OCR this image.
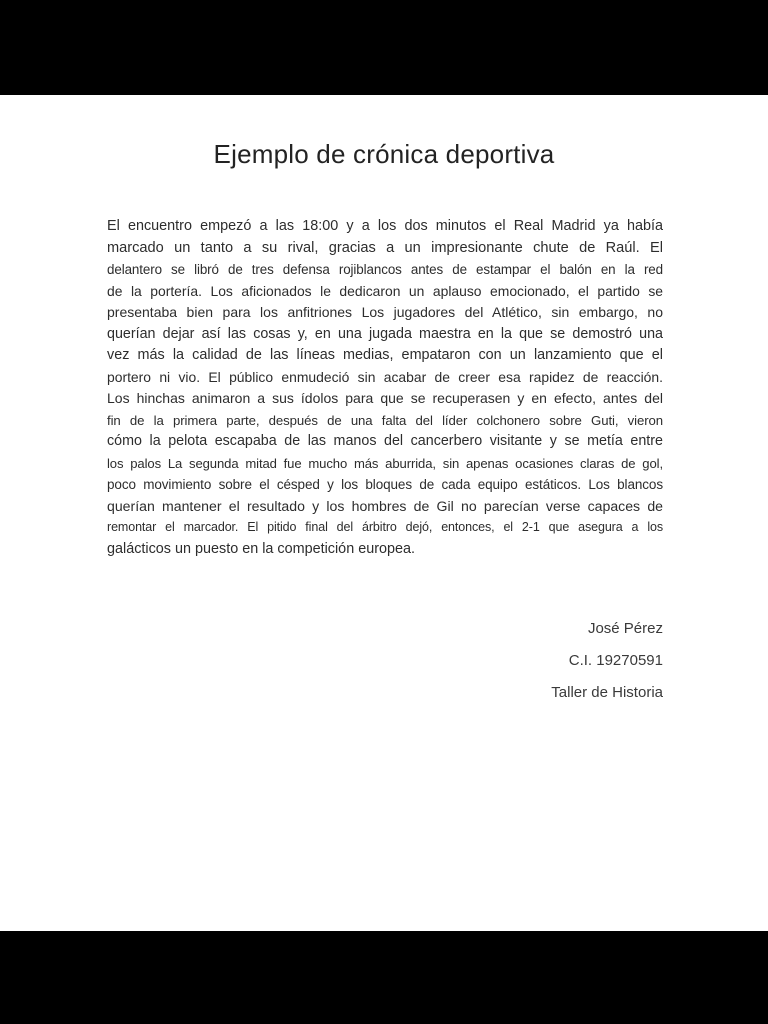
Ejemplo de crónica deportiva
El encuentro empezó a las 18:00 y a los dos minutos el Real Madrid ya había
marcado un tanto a su rival, gracias a un impresionante chute de Raúl. El
delantero se libró de tres defensa rojiblancos antes de estampar el balón en la red
de la portería. Los aficionados le dedicaron un aplauso emocionado, el partido se
presentaba bien para los anfitriones Los jugadores del Atlético, sin embargo, no
querían dejar así las cosas y, en una jugada maestra en la que se demostró una
vez más la calidad de las líneas medias, empataron con un lanzamiento que el
portero ni vio. El público enmudeció sin acabar de creer esa rapidez de reacción.
Los hinchas animaron a sus ídolos para que se recuperasen y en efecto, antes del
fin de la primera parte, después de una falta del líder colchonero sobre Guti, vieron
cómo la pelota escapaba de las manos del cancerbero visitante y se metía entre
los palos La segunda mitad fue mucho más aburrida, sin apenas ocasiones claras de gol,
poco movimiento sobre el césped y los bloques de cada equipo estáticos. Los blancos
querían mantener el resultado y los hombres de Gil no parecían verse capaces de
remontar el marcador. El pitido final del árbitro dejó, entonces, el 2-1 que asegura a los
galácticos un puesto en la competición europea.
José Pérez
C.I. 19270591
Taller de Historia
